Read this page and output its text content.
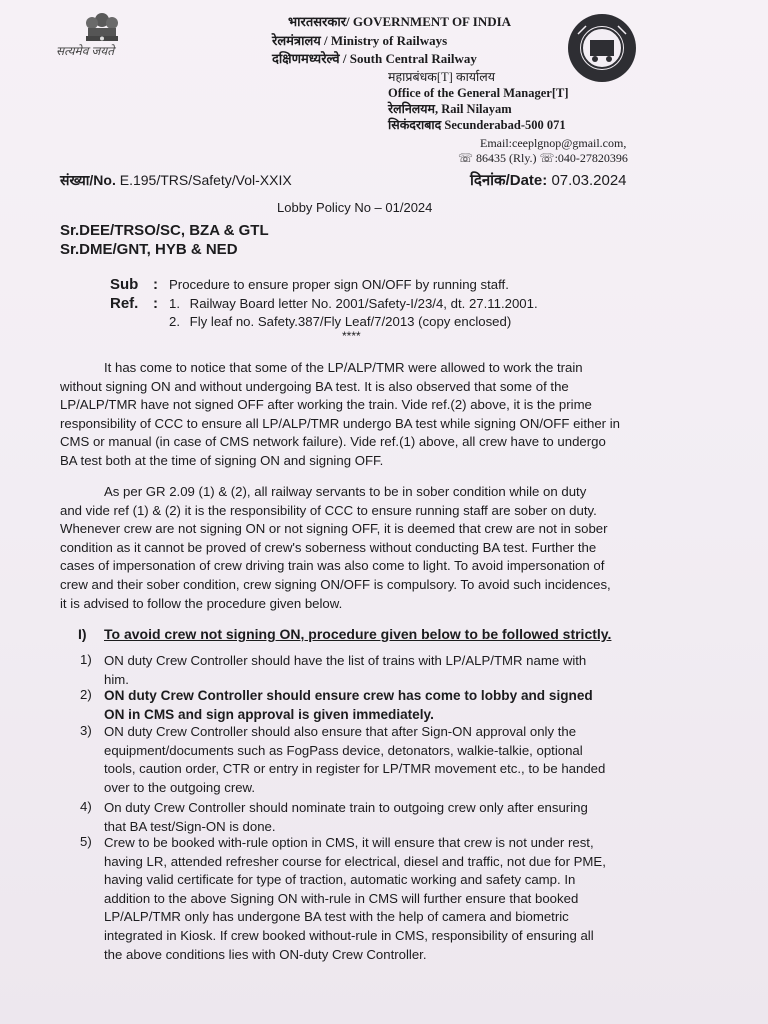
सत्यमेव जयते
भारतसरकार/ GOVERNMENT OF INDIA
रेलमंत्रालय / Ministry of Railways
दक्षिणमध्यरेल्वे / South Central Railway
महाप्रबंधक[T] कार्यालय
Office of the General Manager[T]
रेलनिलयम, Rail Nilayam
सिकंदराबाद Secunderabad-500 071
Email:ceeplgnop@gmail.com,
☏ 86435 (Rly.) ☏:040-27820396
संख्या/No. E.195/TRS/Safety/Vol-XXIX	दिनांक/Date: 07.03.2024
Lobby Policy No – 01/2024
Sr.DEE/TRSO/SC, BZA & GTL
Sr.DME/GNT, HYB & NED
Sub : Procedure to ensure proper sign ON/OFF by running staff.
Ref. : 1. Railway Board letter No. 2001/Safety-I/23/4, dt. 27.11.2001.
2. Fly leaf no. Safety.387/Fly Leaf/7/2013 (copy enclosed)
****
It has come to notice that some of the LP/ALP/TMR were allowed to work the train
without signing ON and without undergoing BA test. It is also observed that some of the
LP/ALP/TMR have not signed OFF after working the train. Vide ref.(2) above, it is the prime
responsibility of CCC to ensure all LP/ALP/TMR undergo BA test while signing ON/OFF either in
CMS or manual (in case of CMS network failure). Vide ref.(1) above, all crew have to undergo
BA test both at the time of signing ON and signing OFF.
As per GR 2.09 (1) & (2), all railway servants to be in sober condition while on duty
and vide ref (1) & (2) it is the responsibility of CCC to ensure running staff are sober on duty.
Whenever crew are not signing ON or not signing OFF, it is deemed that crew are not in sober
condition as it cannot be proved of crew's soberness without conducting BA test. Further the
cases of impersonation of crew driving train was also come to light. To avoid impersonation of
crew and their sober condition, crew signing ON/OFF is compulsory. To avoid such incidences,
it is advised to follow the procedure given below.
I) To avoid crew not signing ON, procedure given below to be followed strictly.
1) ON duty Crew Controller should have the list of trains with LP/ALP/TMR name with
him.
2) ON duty Crew Controller should ensure crew has come to lobby and signed
ON in CMS and sign approval is given immediately.
3) ON duty Crew Controller should also ensure that after Sign-ON approval only the
equipment/documents such as FogPass device, detonators, walkie-talkie, optional
tools, caution order, CTR or entry in register for LP/TMR movement etc., to be handed
over to the outgoing crew.
4) On duty Crew Controller should nominate train to outgoing crew only after ensuring
that BA test/Sign-ON is done.
5) Crew to be booked with-rule option in CMS, it will ensure that crew is not under rest,
having LR, attended refresher course for electrical, diesel and traffic, not due for PME,
having valid certificate for type of traction, automatic working and safety camp. In
addition to the above Signing ON with-rule in CMS will further ensure that booked
LP/ALP/TMR only has undergone BA test with the help of camera and biometric
integrated in Kiosk. If crew booked without-rule in CMS, responsibility of ensuring all
the above conditions lies with ON-duty Crew Controller.
